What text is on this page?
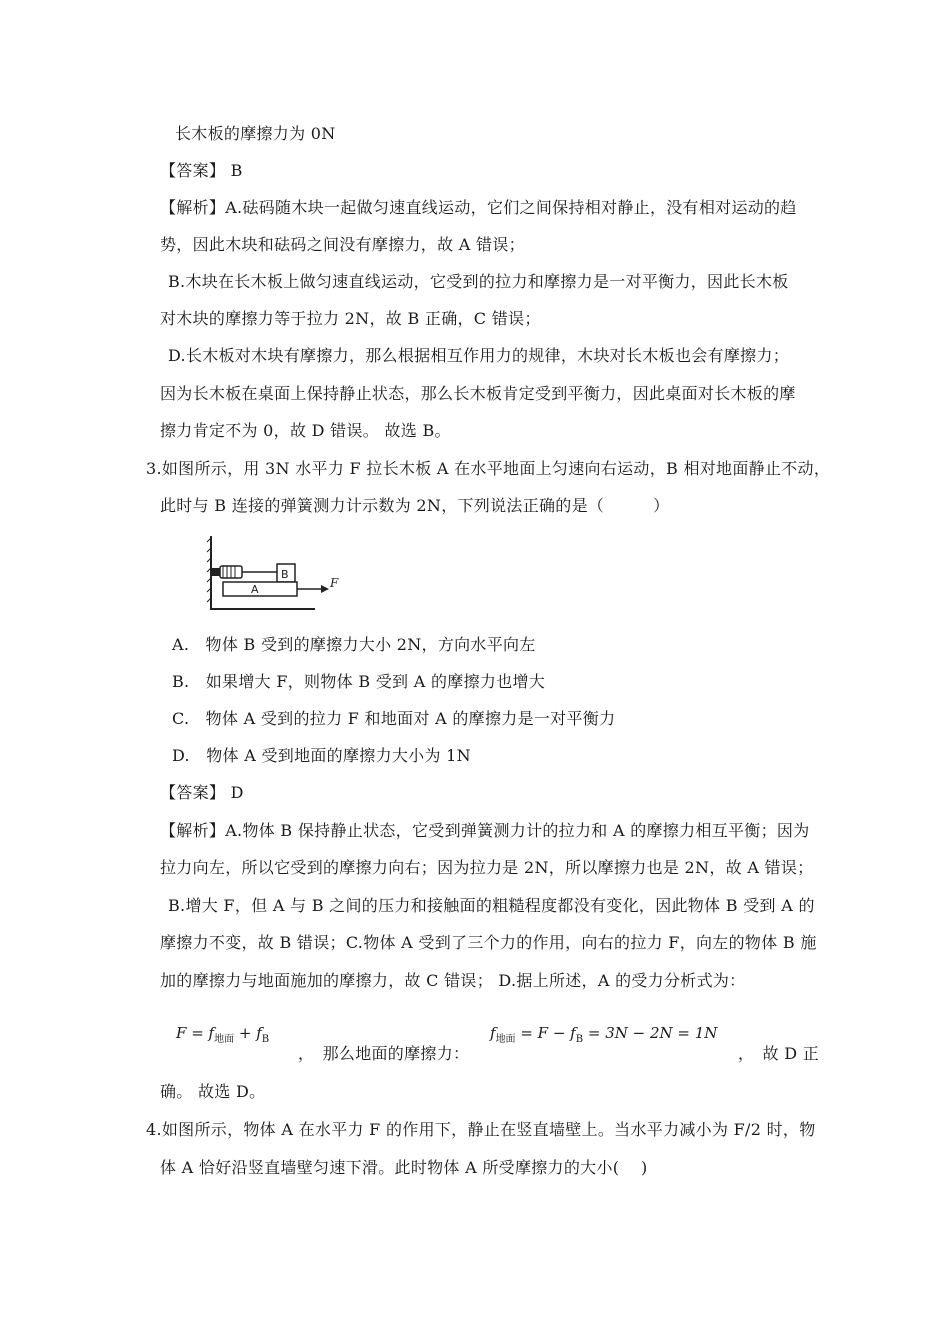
长木板的摩擦力为 0N
【答案】 B
【解析】A.砝码随木块一起做匀速直线运动，它们之间保持相对静止，没有相对运动的趋
势，因此木块和砝码之间没有摩擦力，故 A 错误；
B.木块在长木板上做匀速直线运动，它受到的拉力和摩擦力是一对平衡力，因此长木板
对木块的摩擦力等于拉力 2N，故 B 正确，C 错误；
D.长木板对木块有摩擦力，那么根据相互作用力的规律，木块对长木板也会有摩擦力；
因为长木板在桌面上保持静止状态，那么长木板肯定受到平衡力，因此桌面对长木板的摩
擦力肯定不为 0，故 D 错误。 故选 B。
3.如图所示，用 3N 水平力 F 拉长木板 A 在水平地面上匀速向右运动，B 相对地面静止不动，
此时与 B 连接的弹簧测力计示数为 2N，下列说法正确的是（　　　）
B
A	F
A.　物体 B 受到的摩擦力大小 2N，方向水平向左
B.　如果增大 F，则物体 B 受到 A 的摩擦力也增大
C.　物体 A 受到的拉力 F 和地面对 A 的摩擦力是一对平衡力
D.　物体 A 受到地面的摩擦力大小为 1N
【答案】 D
【解析】A.物体 B 保持静止状态，它受到弹簧测力计的拉力和 A 的摩擦力相互平衡；因为
拉力向左，所以它受到的摩擦力向右；因为拉力是 2N，所以摩擦力也是 2N，故 A 错误；
B.增大 F，但 A 与 B 之间的压力和接触面的粗糙程度都没有变化，因此物体 B 受到 A 的
摩擦力不变，故 B 错误；C.物体 A 受到了三个力的作用，向右的拉力 F，向左的物体 B 施
加的摩擦力与地面施加的摩擦力，故 C 错误； D.据上所述，A 的受力分析式为：
$F = f_{地面} + f_B$
，　那么地面的摩擦力：
$f_{地面} = F - f_B = 3N - 2N = 1N$
，　故 D 正
确。 故选 D。
4.如图所示，物体 A 在水平力 F 的作用下，静止在竖直墙壁上。当水平力减小为 F/2 时，物
体 A 恰好沿竖直墙壁匀速下滑。此时物体 A 所受摩擦力的大小(　 )
